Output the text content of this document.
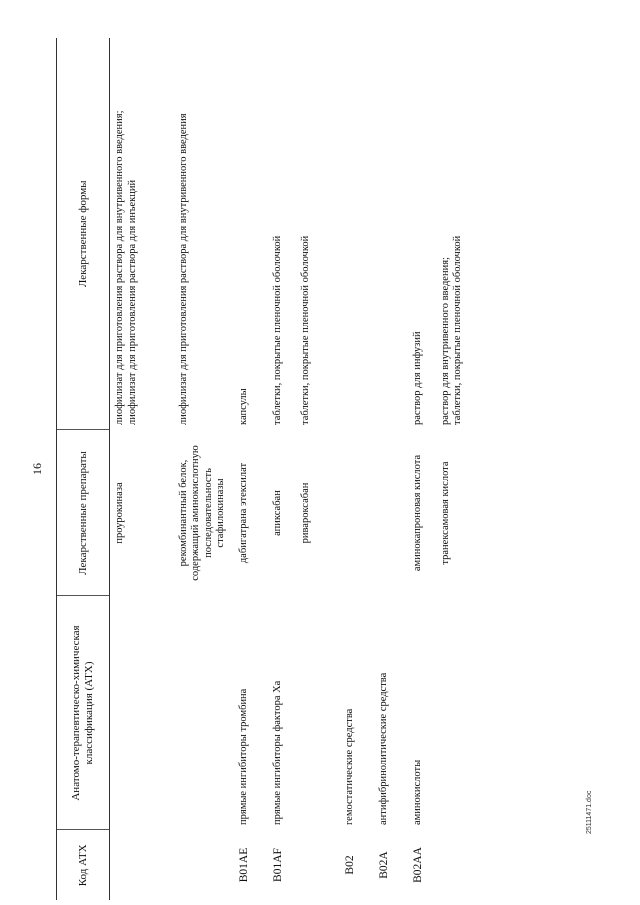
16
Код АТХ	Анатомо-терапевтическо-химическая классификация (АТХ)	Лекарственные препараты	Лекарственные формы
		проурокиназа	лиофилизат для приготовления раствора для внутривенного введения;
лиофилизат для приготовления раствора для инъекций
		рекомбинантный белок, содержащий аминокислотную последовательность стафилокиназы	лиофилизат для приготовления раствора для внутривенного введения
B01AE	прямые ингибиторы тромбина	дабигатрана этексилат	капсулы
B01AF	прямые ингибиторы фактора Xa	апиксабан	таблетки, покрытые пленочной оболочкой
		ривароксабан	таблетки, покрытые пленочной оболочкой
B02	гемостатические средства		
B02A	антифибринолитические средства		
B02AA	аминокислоты	аминокапроновая кислота	раствор для инфузий
		транексамовая кислота	раствор для внутривенного введения;
таблетки, покрытые пленочной оболочкой
25111471.doc
